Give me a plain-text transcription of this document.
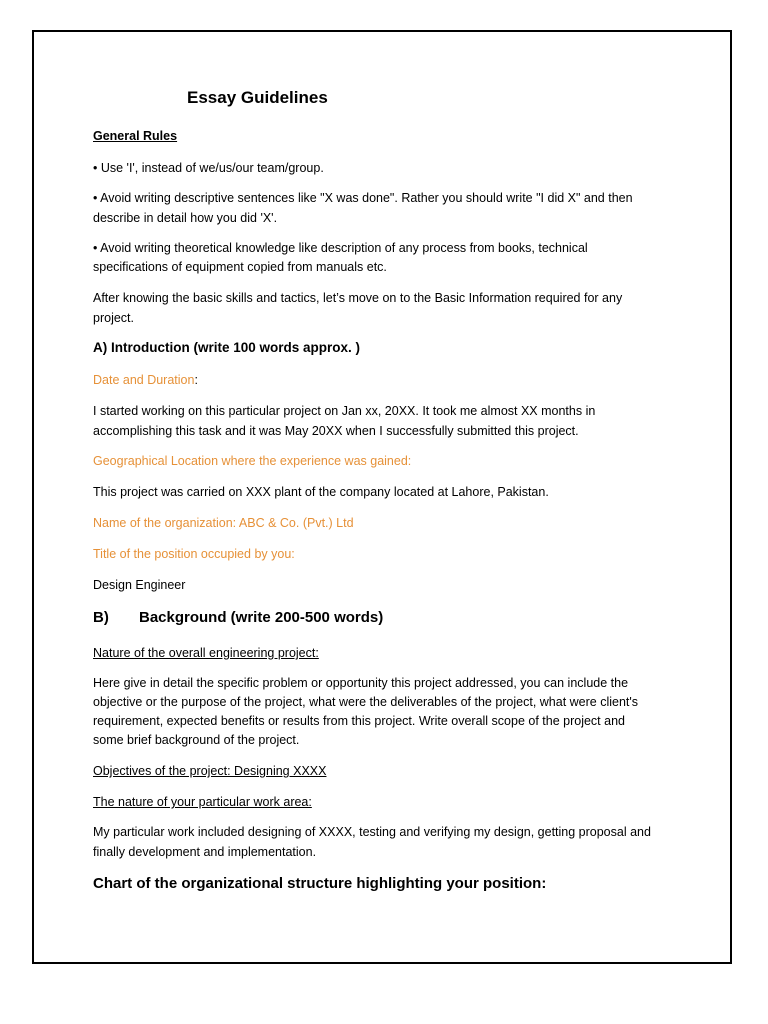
Essay Guidelines
General Rules
• Use 'I', instead of we/us/our team/group.
• Avoid writing descriptive sentences like "X was done". Rather you should write "I did X" and then
describe in detail how you did 'X'.
• Avoid writing theoretical knowledge like description of any process from books, technical
specifications of equipment copied from manuals etc.
After knowing the basic skills and tactics, let’s move on to the Basic Information required for any
project.
A) Introduction (write 100 words approx. )
Date and Duration:
I started working on this particular project on Jan xx, 20XX. It took me almost XX months in
accomplishing this task and it was May 20XX when I successfully submitted this project.
Geographical Location where the experience was gained:
This project was carried on XXX plant of the company located at Lahore, Pakistan.
Name of the organization: ABC & Co. (Pvt.) Ltd
Title of the position occupied by you:
Design Engineer
B) Background (write 200-500 words)
Nature of the overall engineering project:
Here give in detail the specific problem or opportunity this project addressed, you can include the
objective or the purpose of the project, what were the deliverables of the project, what were client's
requirement, expected benefits or results from this project. Write overall scope of the project and
some brief background of the project.
Objectives of the project: Designing XXXX
The nature of your particular work area:
My particular work included designing of XXXX, testing and verifying my design, getting proposal and
finally development and implementation.
Chart of the organizational structure highlighting your position:
